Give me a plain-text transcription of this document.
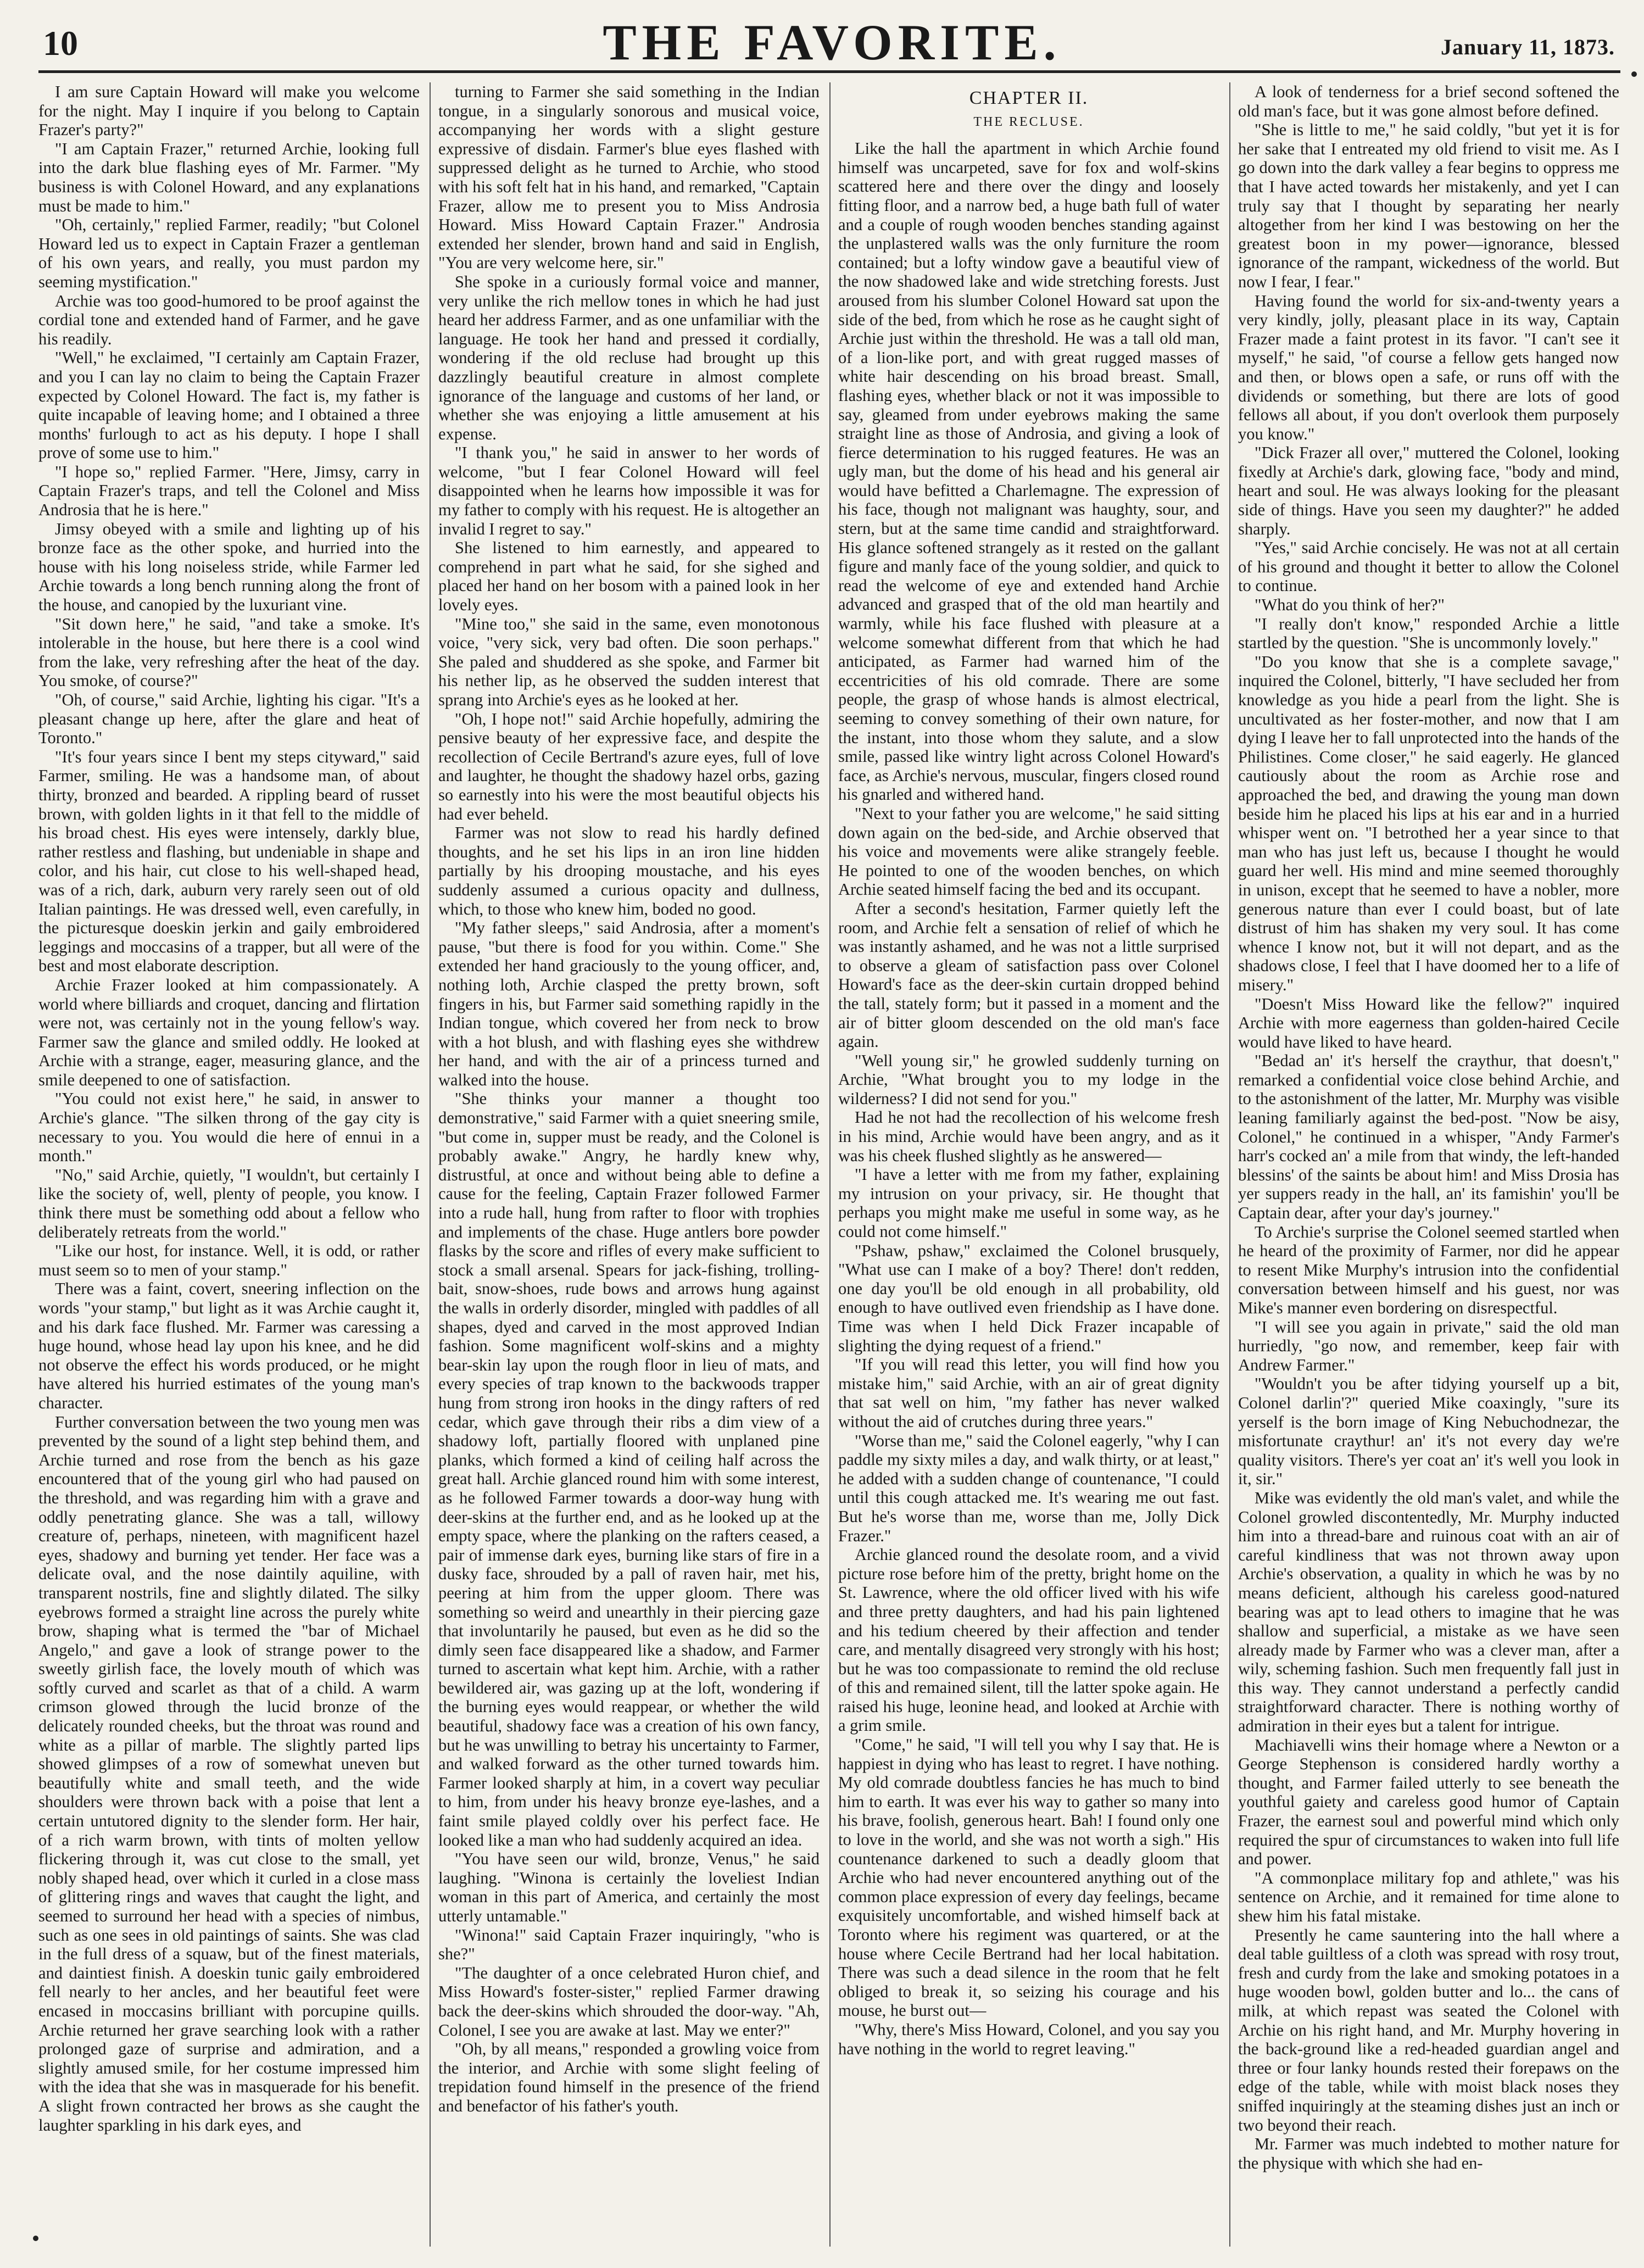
10	THE FAVORITE.	January 11, 1873.

I am sure Captain Howard will make you welcome for the night. May I inquire if you belong to Captain Frazer's party?"

"I am Captain Frazer," returned Archie, looking full into the dark blue flashing eyes of Mr. Farmer. "My business is with Colonel Howard, and any explanations must be made to him."

"Oh, certainly," replied Farmer, readily; "but Colonel Howard led us to expect in Captain Frazer a gentleman of his own years, and really, you must pardon my seeming mystification."

Archie was too good-humored to be proof against the cordial tone and extended hand of Farmer, and he gave his readily.

"Well," he exclaimed, "I certainly am Captain Frazer, and you I can lay no claim to being the Captain Frazer expected by Colonel Howard. The fact is, my father is quite incapable of leaving home; and I obtained a three months' furlough to act as his deputy. I hope I shall prove of some use to him."

"I hope so," replied Farmer. "Here, Jimsy, carry in Captain Frazer's traps, and tell the Colonel and Miss Androsia that he is here."

Jimsy obeyed with a smile and lighting up of his bronze face as the other spoke, and hurried into the house with his long noiseless stride, while Farmer led Archie towards a long bench running along the front of the house, and canopied by the luxuriant vine.

"Sit down here," he said, "and take a smoke. It's intolerable in the house, but here there is a cool wind from the lake, very refreshing after the heat of the day. You smoke, of course?"

"Oh, of course," said Archie, lighting his cigar. "It's a pleasant change up here, after the glare and heat of Toronto."

"It's four years since I bent my steps cityward," said Farmer, smiling. He was a handsome man, of about thirty, bronzed and bearded. A rippling beard of russet brown, with golden lights in it that fell to the middle of his broad chest. His eyes were intensely, darkly blue, rather restless and flashing, but undeniable in shape and color, and his hair, cut close to his well-shaped head, was of a rich, dark, auburn very rarely seen out of old Italian paintings. He was dressed well, even carefully, in the picturesque doeskin jerkin and gaily embroidered leggings and moccasins of a trapper, but all were of the best and most elaborate description.

Archie Frazer looked at him compassionately. A world where billiards and croquet, dancing and flirtation were not, was certainly not in the young fellow's way. Farmer saw the glance and smiled oddly. He looked at Archie with a strange, eager, measuring glance, and the smile deepened to one of satisfaction.

"You could not exist here," he said, in answer to Archie's glance. "The silken throng of the gay city is necessary to you. You would die here of ennui in a month."

"No," said Archie, quietly, "I wouldn't, but certainly I like the society of, well, plenty of people, you know. I think there must be something odd about a fellow who deliberately retreats from the world."

"Like our host, for instance. Well, it is odd, or rather must seem so to men of your stamp."

There was a faint, covert, sneering inflection on the words "your stamp," but light as it was Archie caught it, and his dark face flushed. Mr. Farmer was caressing a huge hound, whose head lay upon his knee, and he did not observe the effect his words produced, or he might have altered his hurried estimates of the young man's character.

Further conversation between the two young men was prevented by the sound of a light step behind them, and Archie turned and rose from the bench as his gaze encountered that of the young girl who had paused on the threshold, and was regarding him with a grave and oddly penetrating glance. She was a tall, willowy creature of, perhaps, nineteen, with magnificent hazel eyes, shadowy and burning yet tender. Her face was a delicate oval, and the nose daintily aquiline, with transparent nostrils, fine and slightly dilated. The silky eyebrows formed a straight line across the purely white brow, shaping what is termed the "bar of Michael Angelo," and gave a look of strange power to the sweetly girlish face, the lovely mouth of which was softly curved and scarlet as that of a child. A warm crimson glowed through the lucid bronze of the delicately rounded cheeks, but the throat was round and white as a pillar of marble. The slightly parted lips showed glimpses of a row of somewhat uneven but beautifully white and small teeth, and the wide shoulders were thrown back with a poise that lent a certain untutored dignity to the slender form. Her hair, of a rich warm brown, with tints of molten yellow flickering through it, was cut close to the small, yet nobly shaped head, over which it curled in a close mass of glittering rings and waves that caught the light, and seemed to surround her head with a species of nimbus, such as one sees in old paintings of saints. She was clad in the full dress of a squaw, but of the finest materials, and daintiest finish. A doeskin tunic gaily embroidered fell nearly to her ancles, and her beautiful feet were encased in moccasins brilliant with porcupine quills. Archie returned her grave searching look with a rather prolonged gaze of surprise and admiration, and a slightly amused smile, for her costume impressed him with the idea that she was in masquerade for his benefit. A slight frown contracted her brows as she caught the laughter sparkling in his dark eyes, and

turning to Farmer she said something in the Indian tongue, in a singularly sonorous and musical voice, accompanying her words with a slight gesture expressive of disdain. Farmer's blue eyes flashed with suppressed delight as he turned to Archie, who stood with his soft felt hat in his hand, and remarked, "Captain Frazer, allow me to present you to Miss Androsia Howard. Miss Howard Captain Frazer." Androsia extended her slender, brown hand and said in English, "You are very welcome here, sir."

She spoke in a curiously formal voice and manner, very unlike the rich mellow tones in which he had just heard her address Farmer, and as one unfamiliar with the language. He took her hand and pressed it cordially, wondering if the old recluse had brought up this dazzlingly beautiful creature in almost complete ignorance of the language and customs of her land, or whether she was enjoying a little amusement at his expense.

"I thank you," he said in answer to her words of welcome, "but I fear Colonel Howard will feel disappointed when he learns how impossible it was for my father to comply with his request. He is altogether an invalid I regret to say."

She listened to him earnestly, and appeared to comprehend in part what he said, for she sighed and placed her hand on her bosom with a pained look in her lovely eyes.

"Mine too," she said in the same, even monotonous voice, "very sick, very bad often. Die soon perhaps." She paled and shuddered as she spoke, and Farmer bit his nether lip, as he observed the sudden interest that sprang into Archie's eyes as he looked at her.

"Oh, I hope not!" said Archie hopefully, admiring the pensive beauty of her expressive face, and despite the recollection of Cecile Bertrand's azure eyes, full of love and laughter, he thought the shadowy hazel orbs, gazing so earnestly into his were the most beautiful objects his had ever beheld.

Farmer was not slow to read his hardly defined thoughts, and he set his lips in an iron line hidden partially by his drooping moustache, and his eyes suddenly assumed a curious opacity and dullness, which, to those who knew him, boded no good.

"My father sleeps," said Androsia, after a moment's pause, "but there is food for you within. Come." She extended her hand graciously to the young officer, and, nothing loth, Archie clasped the pretty brown, soft fingers in his, but Farmer said something rapidly in the Indian tongue, which covered her from neck to brow with a hot blush, and with flashing eyes she withdrew her hand, and with the air of a princess turned and walked into the house.

"She thinks your manner a thought too demonstrative," said Farmer with a quiet sneering smile, "but come in, supper must be ready, and the Colonel is probably awake." Angry, he hardly knew why, distrustful, at once and without being able to define a cause for the feeling, Captain Frazer followed Farmer into a rude hall, hung from rafter to floor with trophies and implements of the chase. Huge antlers bore powder flasks by the score and rifles of every make sufficient to stock a small arsenal. Spears for jack-fishing, trolling-bait, snow-shoes, rude bows and arrows hung against the walls in orderly disorder, mingled with paddles of all shapes, dyed and carved in the most approved Indian fashion. Some magnificent wolf-skins and a mighty bear-skin lay upon the rough floor in lieu of mats, and every species of trap known to the backwoods trapper hung from strong iron hooks in the dingy rafters of red cedar, which gave through their ribs a dim view of a shadowy loft, partially floored with unplaned pine planks, which formed a kind of ceiling half across the great hall. Archie glanced round him with some interest, as he followed Farmer towards a door-way hung with deer-skins at the further end, and as he looked up at the empty space, where the planking on the rafters ceased, a pair of immense dark eyes, burning like stars of fire in a dusky face, shrouded by a pall of raven hair, met his, peering at him from the upper gloom. There was something so weird and unearthly in their piercing gaze that involuntarily he paused, but even as he did so the dimly seen face disappeared like a shadow, and Farmer turned to ascertain what kept him. Archie, with a rather bewildered air, was gazing up at the loft, wondering if the burning eyes would reappear, or whether the wild beautiful, shadowy face was a creation of his own fancy, but he was unwilling to betray his uncertainty to Farmer, and walked forward as the other turned towards him. Farmer looked sharply at him, in a covert way peculiar to him, from under his heavy bronze eye-lashes, and a faint smile played coldly over his perfect face. He looked like a man who had suddenly acquired an idea.

"You have seen our wild, bronze, Venus," he said laughing. "Winona is certainly the loveliest Indian woman in this part of America, and certainly the most utterly untamable."

"Winona!" said Captain Frazer inquiringly, "who is she?"

"The daughter of a once celebrated Huron chief, and Miss Howard's foster-sister," replied Farmer drawing back the deer-skins which shrouded the door-way. "Ah, Colonel, I see you are awake at last. May we enter?"

"Oh, by all means," responded a growling voice from the interior, and Archie with some slight feeling of trepidation found himself in the presence of the friend and benefactor of his father's youth.

CHAPTER II.
THE RECLUSE.

Like the hall the apartment in which Archie found himself was uncarpeted, save for fox and wolf-skins scattered here and there over the dingy and loosely fitting floor, and a narrow bed, a huge bath full of water and a couple of rough wooden benches standing against the unplastered walls was the only furniture the room contained; but a lofty window gave a beautiful view of the now shadowed lake and wide stretching forests. Just aroused from his slumber Colonel Howard sat upon the side of the bed, from which he rose as he caught sight of Archie just within the threshold. He was a tall old man, of a lion-like port, and with great rugged masses of white hair descending on his broad breast. Small, flashing eyes, whether black or not it was impossible to say, gleamed from under eyebrows making the same straight line as those of Androsia, and giving a look of fierce determination to his rugged features. He was an ugly man, but the dome of his head and his general air would have befitted a Charlemagne. The expression of his face, though not malignant was haughty, sour, and stern, but at the same time candid and straightforward. His glance softened strangely as it rested on the gallant figure and manly face of the young soldier, and quick to read the welcome of eye and extended hand Archie advanced and grasped that of the old man heartily and warmly, while his face flushed with pleasure at a welcome somewhat different from that which he had anticipated, as Farmer had warned him of the eccentricities of his old comrade. There are some people, the grasp of whose hands is almost electrical, seeming to convey something of their own nature, for the instant, into those whom they salute, and a slow smile, passed like wintry light across Colonel Howard's face, as Archie's nervous, muscular, fingers closed round his gnarled and withered hand.

"Next to your father you are welcome," he said sitting down again on the bed-side, and Archie observed that his voice and movements were alike strangely feeble. He pointed to one of the wooden benches, on which Archie seated himself facing the bed and its occupant.

After a second's hesitation, Farmer quietly left the room, and Archie felt a sensation of relief of which he was instantly ashamed, and he was not a little surprised to observe a gleam of satisfaction pass over Colonel Howard's face as the deer-skin curtain dropped behind the tall, stately form; but it passed in a moment and the air of bitter gloom descended on the old man's face again.

"Well young sir," he growled suddenly turning on Archie, "What brought you to my lodge in the wilderness? I did not send for you."

Had he not had the recollection of his welcome fresh in his mind, Archie would have been angry, and as it was his cheek flushed slightly as he answered—

"I have a letter with me from my father, explaining my intrusion on your privacy, sir. He thought that perhaps you might make me useful in some way, as he could not come himself."

"Pshaw, pshaw," exclaimed the Colonel brusquely, "What use can I make of a boy? There! don't redden, one day you'll be old enough in all probability, old enough to have outlived even friendship as I have done. Time was when I held Dick Frazer incapable of slighting the dying request of a friend."

"If you will read this letter, you will find how you mistake him," said Archie, with an air of great dignity that sat well on him, "my father has never walked without the aid of crutches during three years."

"Worse than me," said the Colonel eagerly, "why I can paddle my sixty miles a day, and walk thirty, or at least," he added with a sudden change of countenance, "I could until this cough attacked me. It's wearing me out fast. But he's worse than me, worse than me, Jolly Dick Frazer."

Archie glanced round the desolate room, and a vivid picture rose before him of the pretty, bright home on the St. Lawrence, where the old officer lived with his wife and three pretty daughters, and had his pain lightened and his tedium cheered by their affection and tender care, and mentally disagreed very strongly with his host; but he was too compassionate to remind the old recluse of this and remained silent, till the latter spoke again. He raised his huge, leonine head, and looked at Archie with a grim smile.

"Come," he said, "I will tell you why I say that. He is happiest in dying who has least to regret. I have nothing. My old comrade doubtless fancies he has much to bind him to earth. It was ever his way to gather so many into his brave, foolish, generous heart. Bah! I found only one to love in the world, and she was not worth a sigh." His countenance darkened to such a deadly gloom that Archie who had never encountered anything out of the common place expression of every day feelings, became exquisitely uncomfortable, and wished himself back at Toronto where his regiment was quartered, or at the house where Cecile Bertrand had her local habitation. There was such a dead silence in the room that he felt obliged to break it, so seizing his courage and his mouse, he burst out—

"Why, there's Miss Howard, Colonel, and you say you have nothing in the world to regret leaving."

A look of tenderness for a brief second softened the old man's face, but it was gone almost before defined.

"She is little to me," he said coldly, "but yet it is for her sake that I entreated my old friend to visit me. As I go down into the dark valley a fear begins to oppress me that I have acted towards her mistakenly, and yet I can truly say that I thought by separating her nearly altogether from her kind I was bestowing on her the greatest boon in my power—ignorance, blessed ignorance of the rampant, wickedness of the world. But now I fear, I fear."

Having found the world for six-and-twenty years a very kindly, jolly, pleasant place in its way, Captain Frazer made a faint protest in its favor. "I can't see it myself," he said, "of course a fellow gets hanged now and then, or blows open a safe, or runs off with the dividends or something, but there are lots of good fellows all about, if you don't overlook them purposely you know."

"Dick Frazer all over," muttered the Colonel, looking fixedly at Archie's dark, glowing face, "body and mind, heart and soul. He was always looking for the pleasant side of things. Have you seen my daughter?" he added sharply.

"Yes," said Archie concisely. He was not at all certain of his ground and thought it better to allow the Colonel to continue.

"What do you think of her?"

"I really don't know," responded Archie a little startled by the question. "She is uncommonly lovely."

"Do you know that she is a complete savage," inquired the Colonel, bitterly, "I have secluded her from knowledge as you hide a pearl from the light. She is uncultivated as her foster-mother, and now that I am dying I leave her to fall unprotected into the hands of the Philistines. Come closer," he said eagerly. He glanced cautiously about the room as Archie rose and approached the bed, and drawing the young man down beside him he placed his lips at his ear and in a hurried whisper went on. "I betrothed her a year since to that man who has just left us, because I thought he would guard her well. His mind and mine seemed thoroughly in unison, except that he seemed to have a nobler, more generous nature than ever I could boast, but of late distrust of him has shaken my very soul. It has come whence I know not, but it will not depart, and as the shadows close, I feel that I have doomed her to a life of misery."

"Doesn't Miss Howard like the fellow?" inquired Archie with more eagerness than golden-haired Cecile would have liked to have heard.

"Bedad an' it's herself the craythur, that doesn't," remarked a confidential voice close behind Archie, and to the astonishment of the latter, Mr. Murphy was visible leaning familiarly against the bed-post. "Now be aisy, Colonel," he continued in a whisper, "Andy Farmer's harr's cocked an' a mile from that windy, the left-handed blessins' of the saints be about him! and Miss Drosia has yer suppers ready in the hall, an' its famishin' you'll be Captain dear, after your day's journey."

To Archie's surprise the Colonel seemed startled when he heard of the proximity of Farmer, nor did he appear to resent Mike Murphy's intrusion into the confidential conversation between himself and his guest, nor was Mike's manner even bordering on disrespectful.

"I will see you again in private," said the old man hurriedly, "go now, and remember, keep fair with Andrew Farmer."

"Wouldn't you be after tidying yourself up a bit, Colonel darlin'?" queried Mike coaxingly, "sure its yerself is the born image of King Nebuchodnezar, the misfortunate craythur! an' it's not every day we're quality visitors. There's yer coat an' it's well you look in it, sir."

Mike was evidently the old man's valet, and while the Colonel growled discontentedly, Mr. Murphy inducted him into a thread-bare and ruinous coat with an air of careful kindliness that was not thrown away upon Archie's observation, a quality in which he was by no means deficient, although his careless good-natured bearing was apt to lead others to imagine that he was shallow and superficial, a mistake as we have seen already made by Farmer who was a clever man, after a wily, scheming fashion. Such men frequently fall just in this way. They cannot understand a perfectly candid straightforward character. There is nothing worthy of admiration in their eyes but a talent for intrigue.

Machiavelli wins their homage where a Newton or a George Stephenson is considered hardly worthy a thought, and Farmer failed utterly to see beneath the youthful gaiety and careless good humor of Captain Frazer, the earnest soul and powerful mind which only required the spur of circumstances to waken into full life and power.

"A commonplace military fop and athlete," was his sentence on Archie, and it remained for time alone to shew him his fatal mistake.

Presently he came sauntering into the hall where a deal table guiltless of a cloth was spread with rosy trout, fresh and curdy from the lake and smoking potatoes in a huge wooden bowl, golden butter and lo... the cans of milk, at which repast was seated the Colonel with Archie on his right hand, and Mr. Murphy hovering in the back-ground like a red-headed guardian angel and three or four lanky hounds rested their forepaws on the edge of the table, while with moist black noses they sniffed inquiringly at the steaming dishes just an inch or two beyond their reach.

Mr. Farmer was much indebted to mother nature for the physique with which she had en-
